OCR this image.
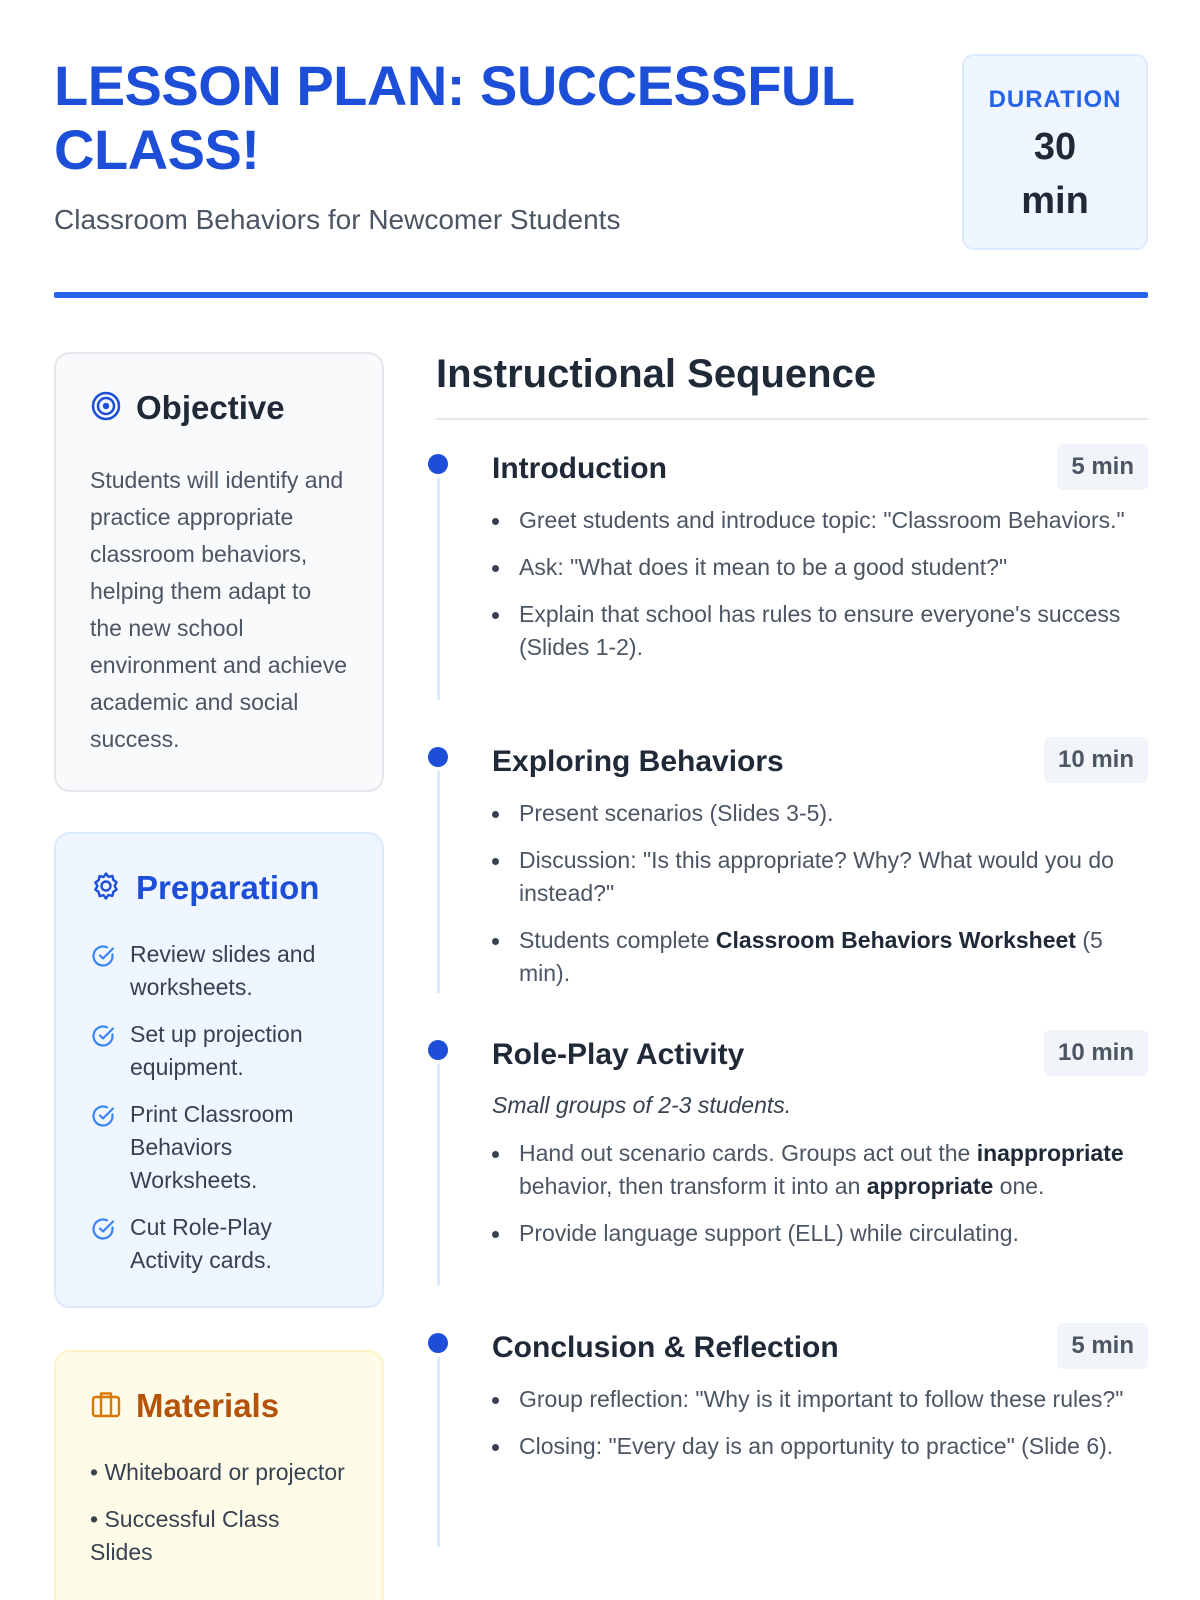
LESSON PLAN: SUCCESSFUL CLASS!
Classroom Behaviors for Newcomer Students
DURATION
30 min
Objective
Students will identify and practice appropriate classroom behaviors, helping them adapt to the new school environment and achieve academic and social success.
Preparation
Review slides and worksheets.
Set up projection equipment.
Print Classroom Behaviors Worksheets.
Cut Role-Play Activity cards.
Materials
• Whiteboard or projector
• Successful Class Slides
Instructional Sequence
Introduction	5 min
Greet students and introduce topic: "Classroom Behaviors."
Ask: "What does it mean to be a good student?"
Explain that school has rules to ensure everyone's success (Slides 1-2).
Exploring Behaviors	10 min
Present scenarios (Slides 3-5).
Discussion: "Is this appropriate? Why? What would you do instead?"
Students complete Classroom Behaviors Worksheet (5 min).
Role-Play Activity	10 min
Small groups of 2-3 students.
Hand out scenario cards. Groups act out the inappropriate behavior, then transform it into an appropriate one.
Provide language support (ELL) while circulating.
Conclusion & Reflection	5 min
Group reflection: "Why is it important to follow these rules?"
Closing: "Every day is an opportunity to practice" (Slide 6).
